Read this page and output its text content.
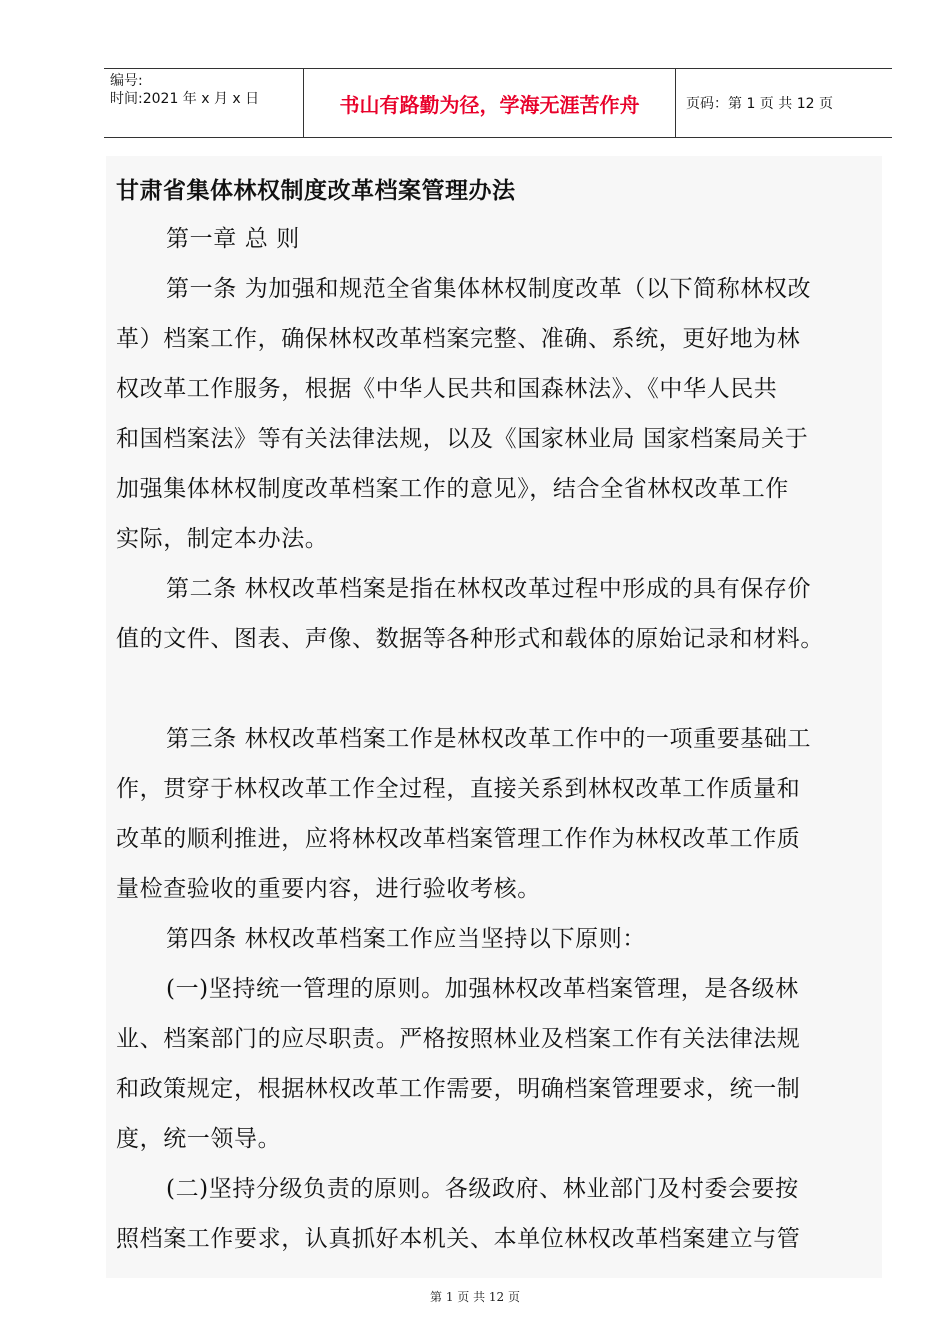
编号:
时间:2021 年 x 月 x 日	书山有路勤为径，学海无涯苦作舟	页码：第 1 页 共 12 页
甘肃省集体林权制度改革档案管理办法
第一章 总 则
第一条 为加强和规范全省集体林权制度改革（以下简称林权改
革）档案工作，确保林权改革档案完整、准确、系统，更好地为林
权改革工作服务，根据《中华人民共和国森林法》、《中华人民共
和国档案法》等有关法律法规，以及《国家林业局 国家档案局关于
加强集体林权制度改革档案工作的意见》，结合全省林权改革工作
实际，制定本办法。
第二条 林权改革档案是指在林权改革过程中形成的具有保存价
值的文件、图表、声像、数据等各种形式和载体的原始记录和材料。
第三条 林权改革档案工作是林权改革工作中的一项重要基础工
作，贯穿于林权改革工作全过程，直接关系到林权改革工作质量和
改革的顺利推进，应将林权改革档案管理工作作为林权改革工作质
量检查验收的重要内容，进行验收考核。
第四条 林权改革档案工作应当坚持以下原则：
(一)坚持统一管理的原则。加强林权改革档案管理，是各级林
业、档案部门的应尽职责。严格按照林业及档案工作有关法律法规
和政策规定，根据林权改革工作需要，明确档案管理要求，统一制
度，统一领导。
(二)坚持分级负责的原则。各级政府、林业部门及村委会要按
照档案工作要求，认真抓好本机关、本单位林权改革档案建立与管
第 1 页 共 12 页
